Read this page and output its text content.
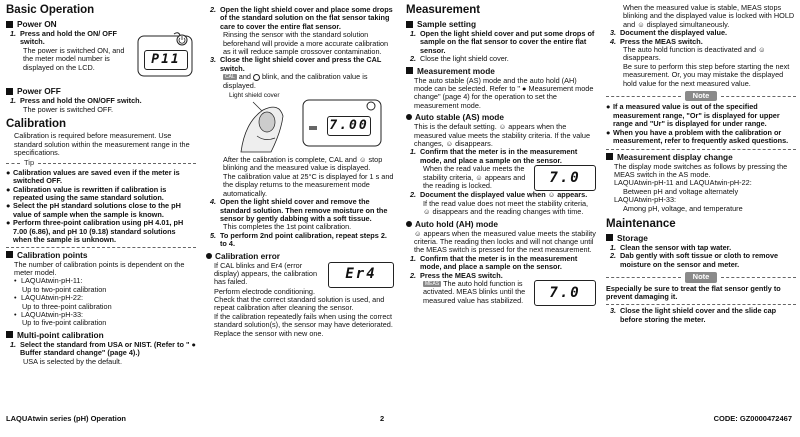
Basic Operation
Power ON
1. Press and hold the ON/ OFF switch.
The power is switched ON, and the meter model number is displayed on the LCD.
P11
Power OFF
1. Press and hold the ON/OFF switch.
The power is switched OFF.
Calibration
Calibration is required before measurement. Use standard solution within the measurement range in the specifications.
Tip
● Calibration values are saved even if the meter is switched OFF.
● Calibration value is rewritten if calibration is repeated using the same standard solution.
● Select the pH standard solutions close to the pH value of sample when the sample is known.
● Perform three-point calibration using pH 4.01, pH 7.00 (6.86), and pH 10 (9.18) standard solutions when the sample is unknown.
Calibration points
The number of calibration points is dependent on the meter model.
• LAQUAtwin-pH-11:
Up to two-point calibration
• LAQUAtwin-pH-22:
Up to three-point calibration
• LAQUAtwin-pH-33:
Up to five-point calibration
Multi-point calibration
1. Select the standard from USA or NIST. (Refer to " ● Buffer standard change" (page 4).)
USA is selected by the default.
2. Open the light shield cover and place some drops of the standard solution on the flat sensor taking care to cover the entire flat sensor.
Rinsing the sensor with the standard solution beforehand will provide a more accurate calibration as it will reduce sample crossover contamination.
3. Close the light shield cover and press the CAL switch.
CAL and  blink, and the calibration value is displayed.
Light shield cover
7.00
After the calibration is complete, CAL and ☺ stop blinking and the measured value is displayed.
The calibration value at 25°C is displayed for 1 s and the display returns to the measurement mode automatically.
4. Open the light shield cover and remove the standard solution. Then remove moisture on the sensor by gently dabbing with a soft tissue.
This completes the 1st point calibration.
5. To perform 2nd point calibration, repeat steps 2. to 4.
Calibration error
If CAL blinks and Er4 (error display) appears, the calibration has failed.	Er4
Perform electrode conditioning.
Check that the correct standard solution is used, and repeat calibration after cleaning the sensor.
If the calibration repeatedly fails when using the correct standard solution(s), the sensor may have deteriorated. Replace the sensor with new one.
Measurement
Sample setting
1. Open the light shield cover and put some drops of sample on the flat sensor to cover the entire flat sensor.
2. Close the light shield cover.
Measurement mode
The auto stable (AS) mode and the auto hold (AH) mode can be selected. Refer to " ● Measurement mode change" (page 4) for the operation to set the measurement mode.
Auto stable (AS) mode
This is the default setting. ☺ appears when the measured value meets the stability criteria. If the value changes, ☺ disappears.
1. Confirm that the meter is in the measurement mode, and place a sample on the sensor.
When the read value meets the stability criteria, ☺ appears and the reading is locked.	7.0
2. Document the displayed value when ☺ appears.
If the read value does not meet the stability criteria, ☺ disappears and the reading changes with time.
Auto hold (AH) mode
☺ appears when the measured value meets the stability criteria. The reading then locks and will not change until the MEAS switch is pressed for the next measurement.
1. Confirm that the meter is in the measurement mode, and place a sample on the sensor.
2. Press the MEAS switch.
MEAS The auto hold function is activated. MEAS blinks until the measured value has stabilized.	7.0
When the measured value is stable, MEAS stops blinking and the displayed value is locked with HOLD and ☺ displayed simultaneously.
3. Document the displayed value.
4. Press the MEAS switch.
The auto hold function is deactivated and ☺ disappears.
Be sure to perform this step before starting the next measurement. Or, you may mistake the displayed hold value for the next measured value.
Note
● If a measured value is out of the specified measurement range, "Or" is displayed for upper range and "Ur" is displayed for under range.
● When you have a problem with the calibration or measurement, refer to frequently asked questions.
Measurement display change
The display mode switches as follows by pressing the MEAS switch in the AS mode.
LAQUAtwin-pH-11 and LAQUAtwin-pH-22:
Between pH and voltage alternately
LAQUAtwin-pH-33:
Among pH, voltage, and temperature
Maintenance
Storage
1. Clean the sensor with tap water.
2. Dab gently with soft tissue or cloth to remove moisture on the sensor and meter.
Note
Especially be sure to treat the flat sensor gently to prevent damaging it.
3. Close the light shield cover and the slide cap before storing the meter.
LAQUAtwin series (pH) Operation	2	CODE: GZ0000472467
